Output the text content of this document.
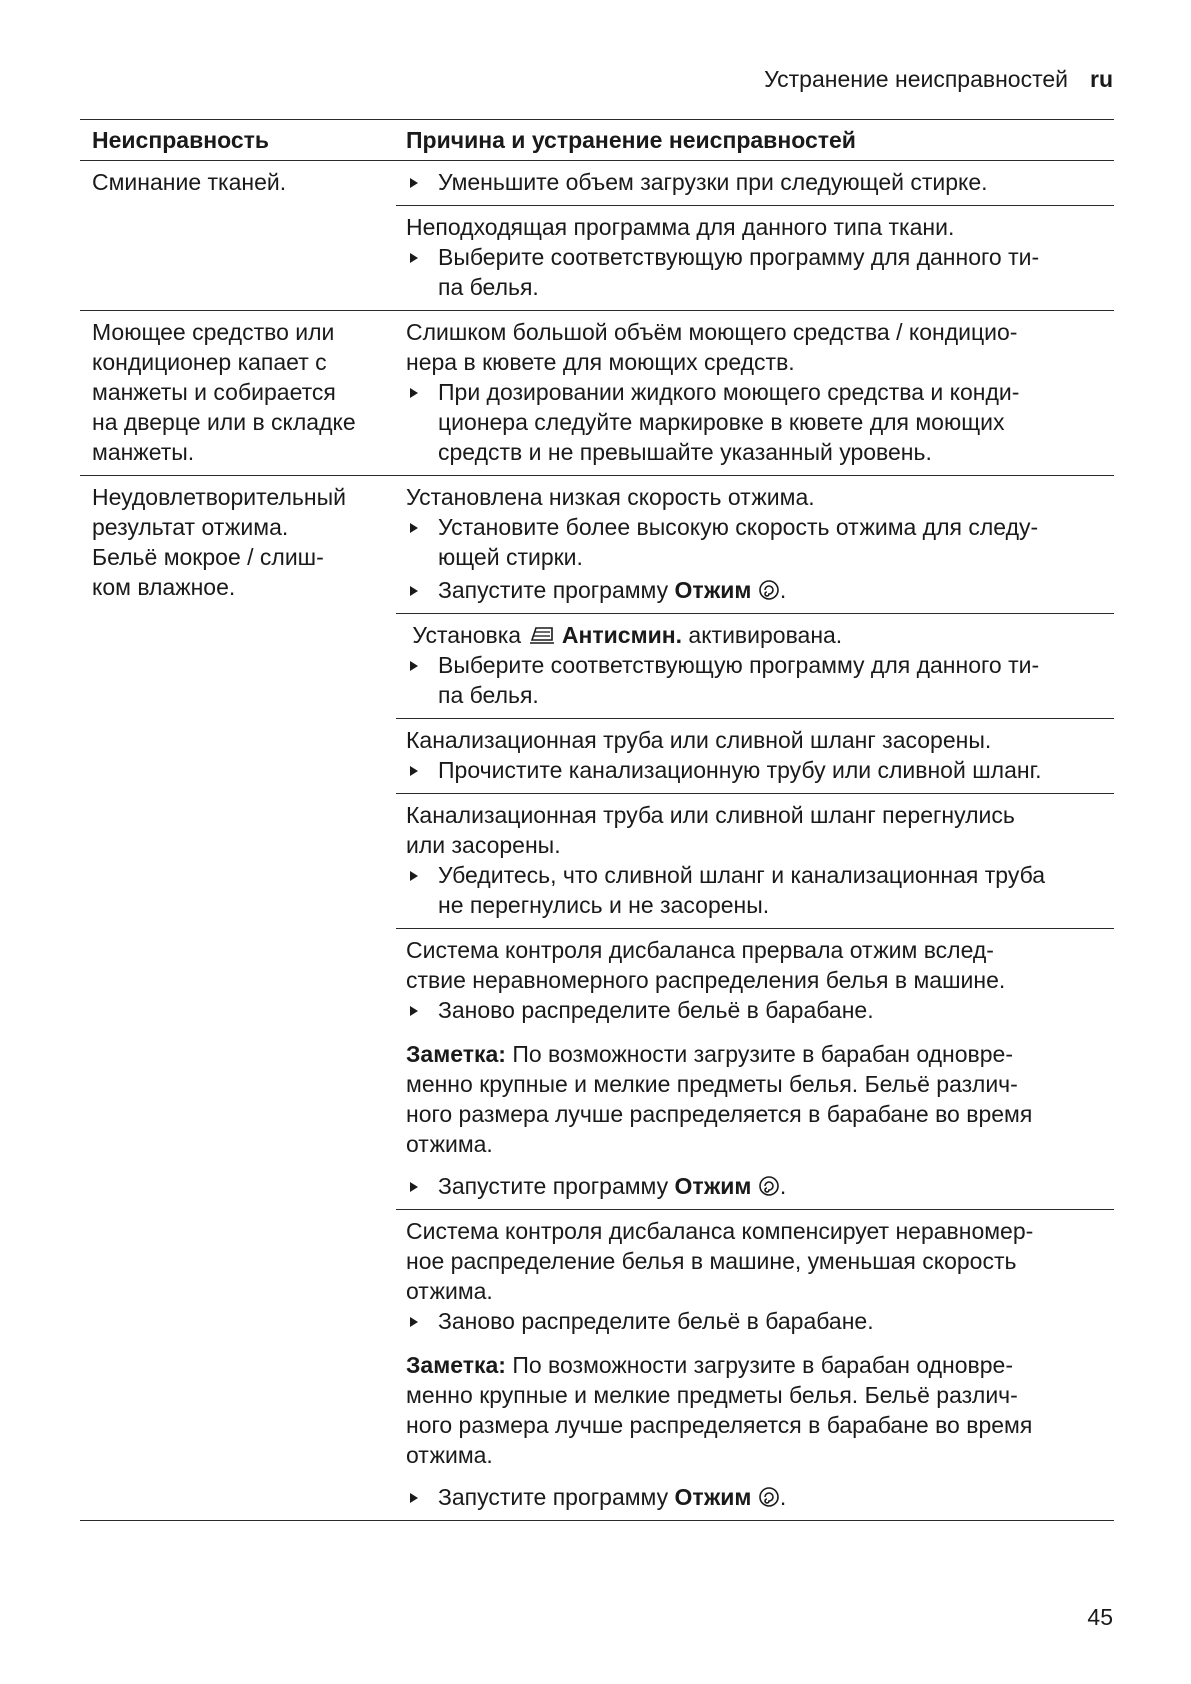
Устранение неисправностей ru
Неисправность	Причина и устранение неисправностей
Сминание тканей.	Уменьшите объем загрузки при следующей стирке.
Неподходящая программа для данного типа ткани.
Выберите соответствующую программу для данного ти-
па белья.
Моющее средство или
кондиционер капает с
манжеты и собирается
на дверце или в складке
манжеты.
Слишком большой объём моющего средства / кондицио-
нера в кювете для моющих средств.
При дозировании жидкого моющего средства и конди-
ционера следуйте маркировке в кювете для моющих
средств и не превышайте указанный уровень.
Неудовлетворительный
результат отжима.
Бельё мокрое / слиш-
ком влажное.
Установлена низкая скорость отжима.
Установите более высокую скорость отжима для следу-
ющей стирки.
Запустите программу Отжим .
Установка Антисмин. активирована.
Выберите соответствующую программу для данного ти-
па белья.
Канализационная труба или сливной шланг засорены.
Прочистите канализационную трубу или сливной шланг.
Канализационная труба или сливной шланг перегнулись
или засорены.
Убедитесь, что сливной шланг и канализационная труба
не перегнулись и не засорены.
Система контроля дисбаланса прервала отжим вслед-
ствие неравномерного распределения белья в машине.
Заново распределите бельё в барабане.
Заметка: По возможности загрузите в барабан одновре-
менно крупные и мелкие предметы белья. Бельё различ-
ного размера лучше распределяется в барабане во время
отжима.
Запустите программу Отжим .
Система контроля дисбаланса компенсирует неравномер-
ное распределение белья в машине, уменьшая скорость
отжима.
Заново распределите бельё в барабане.
Заметка: По возможности загрузите в барабан одновре-
менно крупные и мелкие предметы белья. Бельё различ-
ного размера лучше распределяется в барабане во время
отжима.
Запустите программу Отжим .
45
